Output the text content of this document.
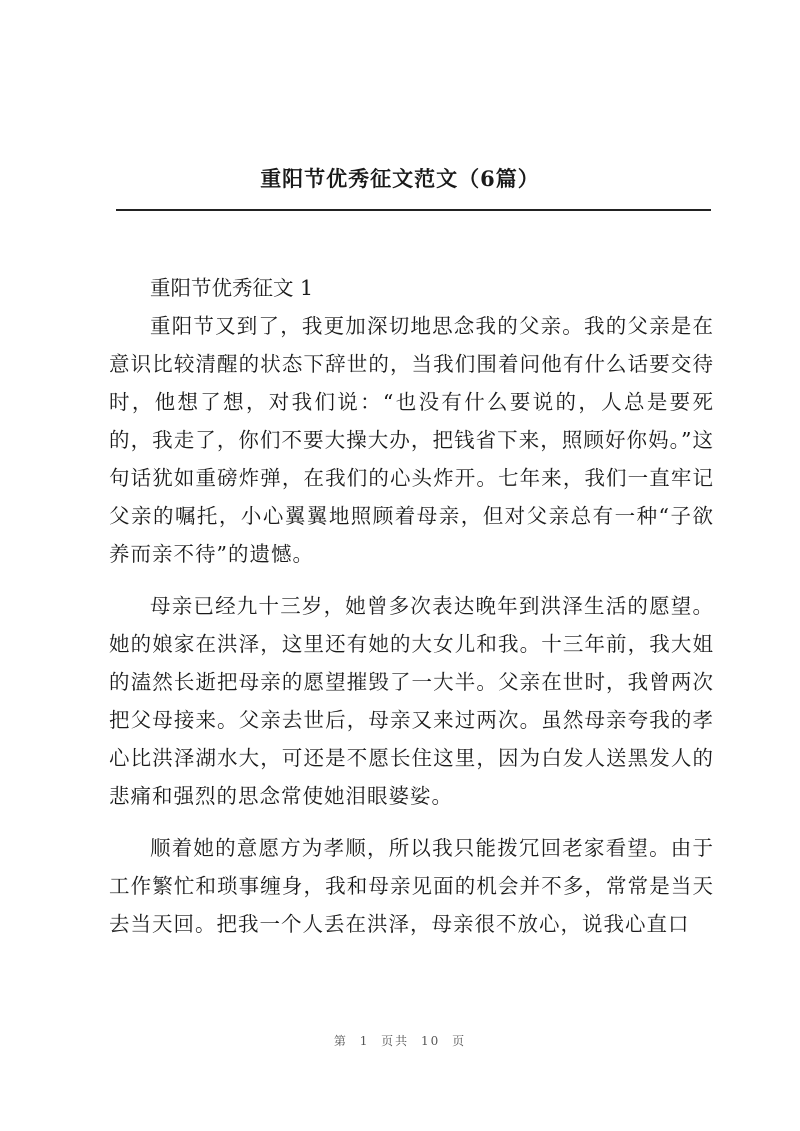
重阳节优秀征文范文（6篇）
重阳节优秀征文 1

重阳节又到了，我更加深切地思念我的父亲。我的父亲是在意识比较清醒的状态下辞世的，当我们围着问他有什么话要交待时，他想了想，对我们说：“也没有什么要说的，人总是要死的，我走了，你们不要大操大办，把钱省下来，照顾好你妈。”这句话犹如重磅炸弹，在我们的心头炸开。七年来，我们一直牢记父亲的嘱托，小心翼翼地照顾着母亲，但对父亲总有一种“子欲养而亲不待”的遗憾。

母亲已经九十三岁，她曾多次表达晚年到洪泽生活的愿望。她的娘家在洪泽，这里还有她的大女儿和我。十三年前，我大姐的溘然长逝把母亲的愿望摧毁了一大半。父亲在世时，我曾两次把父母接来。父亲去世后，母亲又来过两次。虽然母亲夸我的孝心比洪泽湖水大，可还是不愿长住这里，因为白发人送黑发人的悲痛和强烈的思念常使她泪眼婆娑。

顺着她的意愿方为孝顺，所以我只能拨冗回老家看望。由于工作繁忙和琐事缠身，我和母亲见面的机会并不多，常常是当天去当天回。把我一个人丢在洪泽，母亲很不放心，说我心直口

第 1 页共 10 页
